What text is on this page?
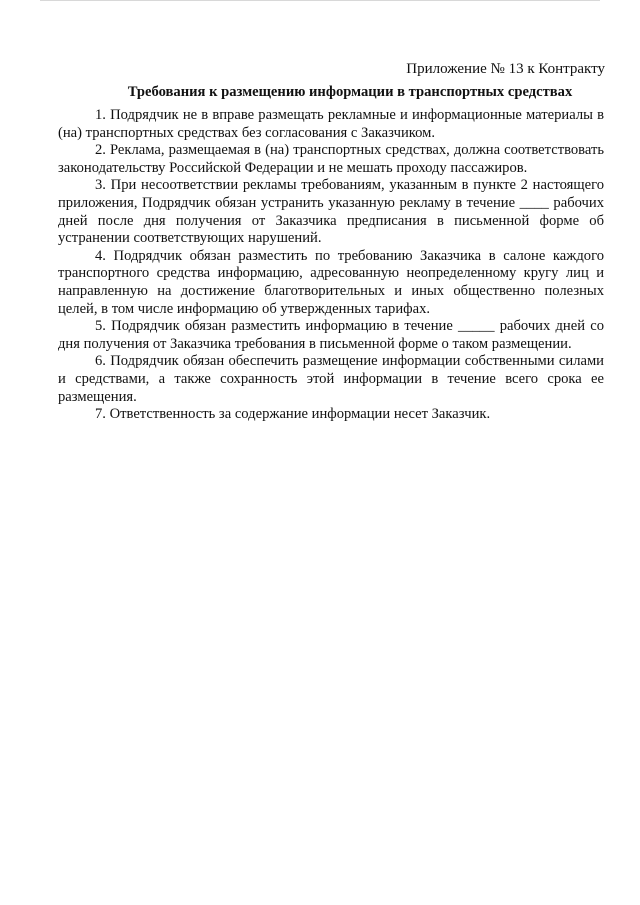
Приложение № 13 к Контракту
Требования к размещению информации в транспортных средствах

1. Подрядчик не в вправе размещать рекламные и информационные материалы в (на) транспортных средствах без согласования с Заказчиком.

2. Реклама, размещаемая в (на) транспортных средствах, должна соответствовать законодательству Российской Федерации и не мешать проходу пассажиров.

3. При несоответствии рекламы требованиям, указанным в пункте 2 настоящего приложения, Подрядчик обязан устранить указанную рекламу в течение ____ рабочих дней после дня получения от Заказчика предписания в письменной форме об устранении соответствующих нарушений.

4. Подрядчик обязан разместить по требованию Заказчика в салоне каждого транспортного средства информацию, адресованную неопределенному кругу лиц и направленную на достижение благотворительных и иных общественно полезных целей, в том числе информацию об утвержденных тарифах.

5. Подрядчик обязан разместить информацию в течение _____ рабочих дней со дня получения от Заказчика требования в письменной форме о таком размещении.

6. Подрядчик обязан обеспечить размещение информации собственными силами и средствами, а также сохранность этой информации в течение всего срока ее размещения.

7. Ответственность за содержание информации несет Заказчик.
